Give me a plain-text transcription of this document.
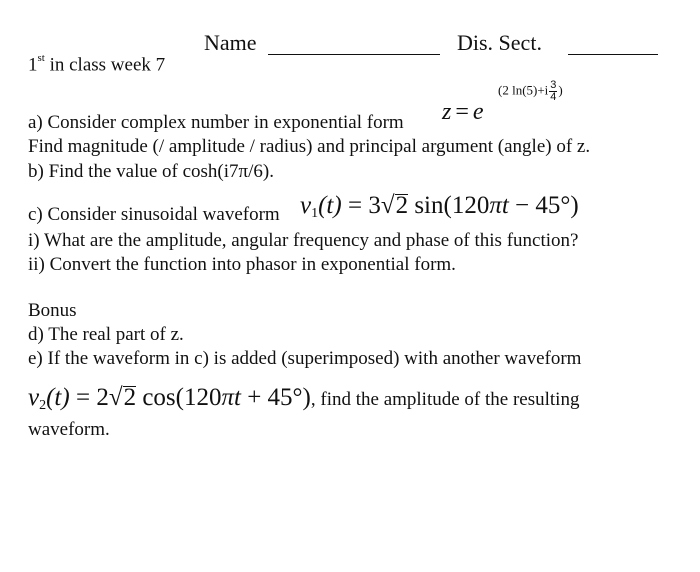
Name	Dis. Sect.
1st in class week 7
(2 $\ln(5)+i \frac{3}{4}$ )
a) Consider complex number in exponential form z = e
Find magnitude (/ amplitude / radius) and principal argument (angle) of z.
b) Find the value of cosh(i7π/6).
c) Consider sinusoidal waveform $v_1(t) = 3√2$ sin(120πt − 45°)
i) What are the amplitude, angular frequency and phase of this function?
ii) Convert the function into phasor in exponential form.
Bonus
d) The real part of z.
e) If the waveform in c) is added (superimposed) with another waveform
$v_2(t) = 2√2$ cos(120πt + 45°), find the amplitude of the resulting
waveform.
